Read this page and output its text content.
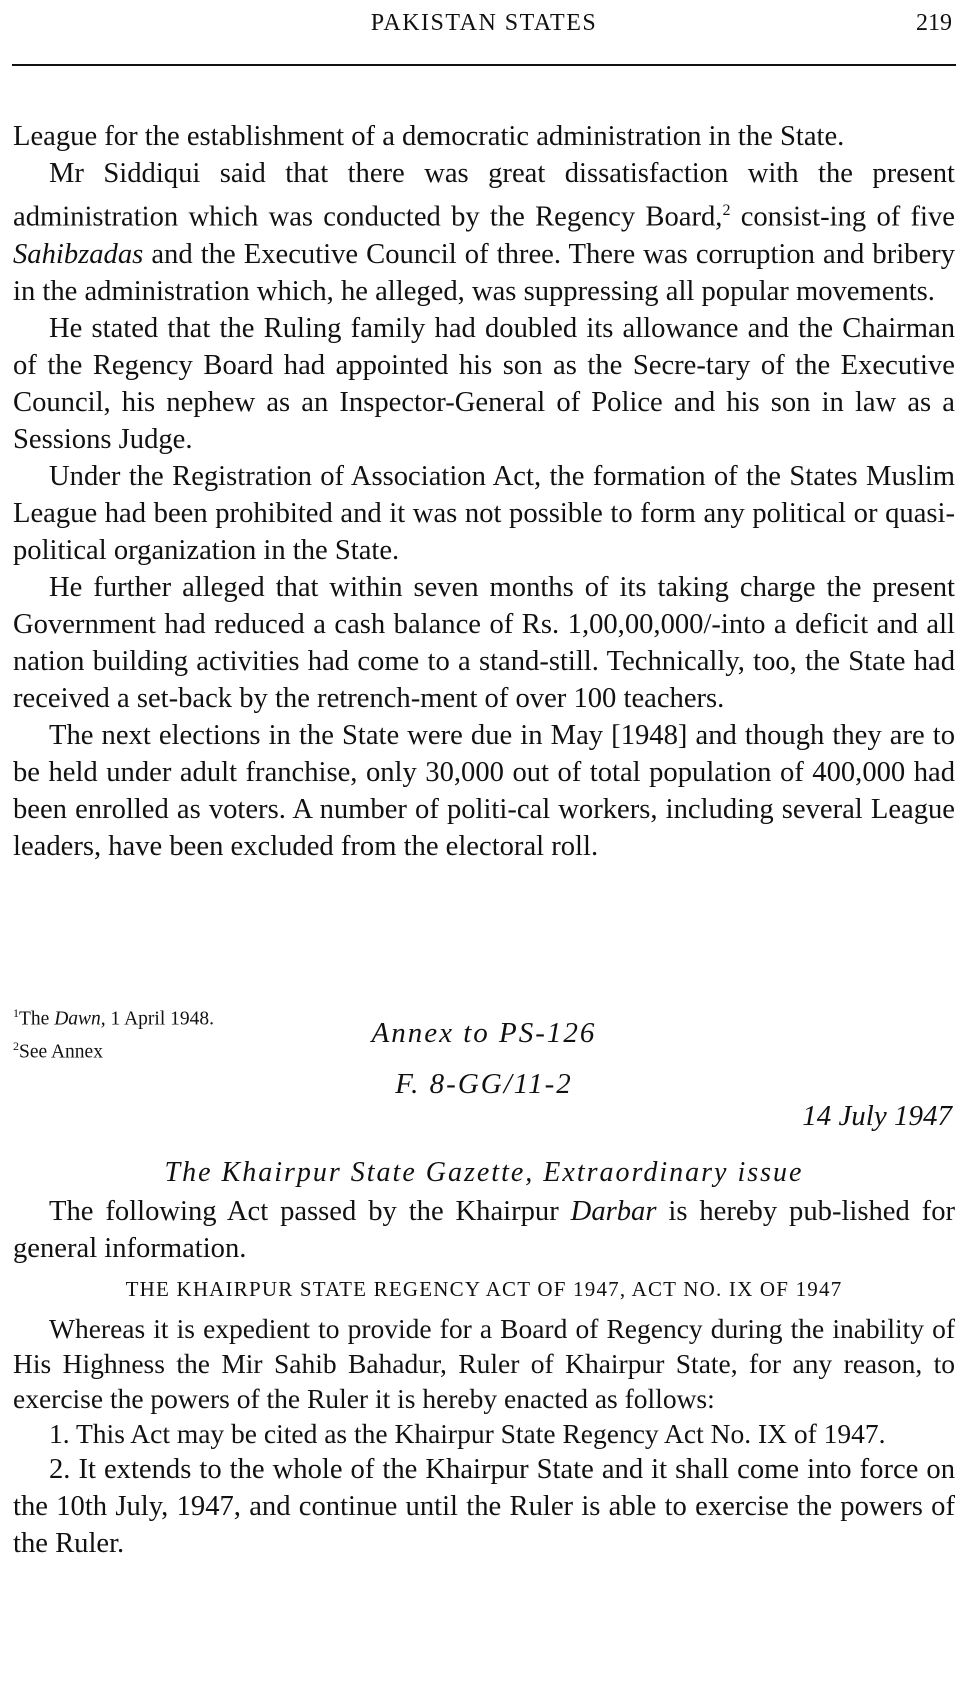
PAKISTAN STATES	219

League for the establishment of a democratic administration in the State.

Mr Siddiqui said that there was great dissatisfaction with the present administration which was conducted by the Regency Board,$^2$ consist-ing of five Sahibzadas and the Executive Council of three. There was corruption and bribery in the administration which, he alleged, was suppressing all popular movements.

He stated that the Ruling family had doubled its allowance and the Chairman of the Regency Board had appointed his son as the Secre-tary of the Executive Council, his nephew as an Inspector-General of Police and his son in law as a Sessions Judge.

Under the Registration of Association Act, the formation of the States Muslim League had been prohibited and it was not possible to form any political or quasi-political organization in the State.

He further alleged that within seven months of its taking charge the present Government had reduced a cash balance of Rs. 1,00,00,000/-into a deficit and all nation building activities had come to a stand-still. Technically, too, the State had received a set-back by the retrench-ment of over 100 teachers.

The next elections in the State were due in May [1948] and though they are to be held under adult franchise, only 30,000 out of total population of 400,000 had been enrolled as voters. A number of politi-cal workers, including several League leaders, have been excluded from the electoral roll.

$^1$The Dawn, 1 April 1948.
$^2$See Annex
Annex to PS-126
F. 8-GG/11-2
14 July 1947
The Khairpur State Gazette, Extraordinary issue

The following Act passed by the Khairpur Darbar is hereby pub-lished for general information.

THE KHAIRPUR STATE REGENCY ACT OF 1947, ACT NO. IX OF 1947

Whereas it is expedient to provide for a Board of Regency during the inability of His Highness the Mir Sahib Bahadur, Ruler of Khairpur State, for any reason, to exercise the powers of the Ruler it is hereby enacted as follows:

1. This Act may be cited as the Khairpur State Regency Act No. IX of 1947.

2. It extends to the whole of the Khairpur State and it shall come into force on the 10th July, 1947, and continue until the Ruler is able to exercise the powers of the Ruler.
